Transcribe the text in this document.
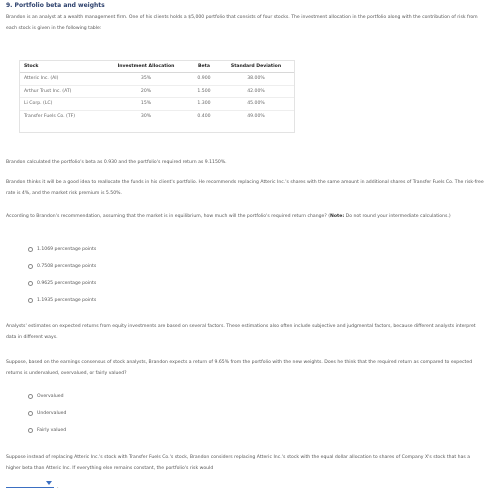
9. Portfolio beta and weights

Brandon is an analyst at a wealth management firm. One of his clients holds a $5,000 portfolio that consists of four stocks. The investment allocation in the portfolio along with the contribution of risk from each stock is given in the following table:

Stock	Investment Allocation	Beta	Standard Deviation
Atteric Inc. (AI)	35%	0.900	38.00%
Arthur Trust Inc. (AT)	20%	1.500	42.00%
Li Corp. (LC)	15%	1.300	45.00%
Transfer Fuels Co. (TF)	30%	0.400	49.00%

Brandon calculated the portfolio's beta as 0.930 and the portfolio's required return as 9.1150%.

Brandon thinks it will be a good idea to reallocate the funds in his client's portfolio. He recommends replacing Atteric Inc.'s shares with the same amount in additional shares of Transfer Fuels Co. The risk-free rate is 4%, and the market risk premium is 5.50%.

According to Brandon's recommendation, assuming that the market is in equilibrium, how much will the portfolio's required return change? (Note: Do not round your intermediate calculations.)

1.1069 percentage points
0.7508 percentage points
0.9625 percentage points
1.1935 percentage points

Analysts' estimates on expected returns from equity investments are based on several factors. These estimations also often include subjective and judgmental factors, because different analysts interpret data in different ways.

Suppose, based on the earnings consensus of stock analysts, Brandon expects a return of 9.65% from the portfolio with the new weights. Does he think that the required return as compared to expected returns is undervalued, overvalued, or fairly valued?

Overvalued
Undervalued
Fairly valued

Suppose instead of replacing Atteric Inc.'s stock with Transfer Fuels Co.'s stock, Brandon considers replacing Atteric Inc.'s stock with the equal dollar allocation to shares of Company X's stock that has a higher beta than Atteric Inc. If everything else remains constant, the portfolio's risk would

.
